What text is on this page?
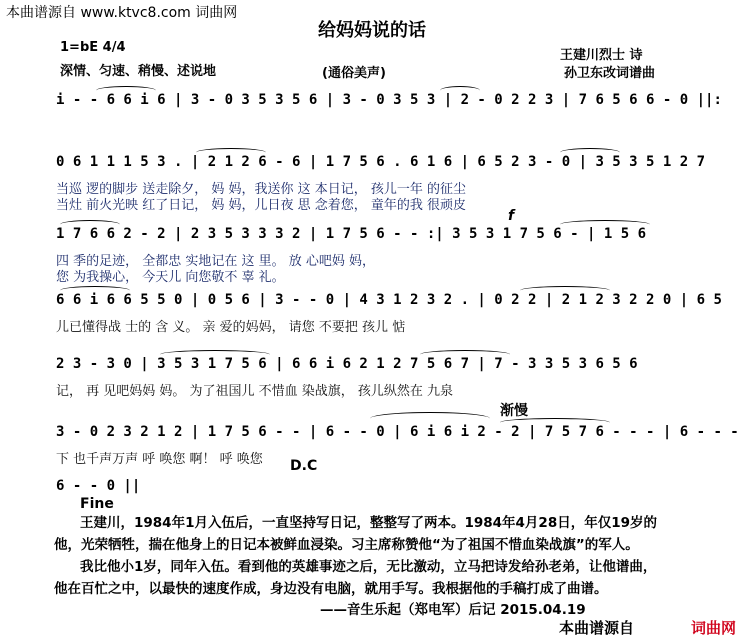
本曲谱源自 www.ktvc8.com 词曲网
给妈妈说的话
1=bE 4/4
深情、匀速、稍慢、述说地	(通俗美声)
王建川烈士 诗
孙卫东改词谱曲
i - - 6 6 i 6 | 3 - 0 3 5 3 5 6 | 3 - 0 3 5 3 | 2 - 0 2 2 3 | 7 6 5 6 6 - 0 ||:
0 6 1 1 1 5 3 . | 2 1 2 6 - 6 | 1 7 5 6 . 6 1 6 | 6 5 2 3 - 0 | 3 5 3 5 1 2 7
当巡 逻的脚步 送走除夕， 妈 妈，我送你 这 本日记， 孩儿一年 的征尘
当灶 前火光映 红了日记， 妈 妈，儿日夜 思 念着您， 童年的我 很顽皮
1 7 6 6 2 - 2 | 2 3 5 3 3 3 2 | 1 7 5 6 - - :| 3 5 3 1 7 5 6 - | 1 5 6
f
四 季的足迹， 全都忠 实地记在 这 里。 放 心吧妈 妈，
您 为我操心， 今天儿 向您敬不 辜 礼。
6 6 i 6 6 5 5 0 | 0 5 6 | 3 - - 0 | 4 3 1 2 3 2 . | 0 2 2 | 2 1 2 3 2 2 0 | 6 5
儿已懂得战 士的 含 义。 亲 爱的妈妈， 请您 不要把 孩儿 惦
2 3 - 3 0 | 3 5 3 1 7 5 6 | 6 6 i 6 2 1 2 7 5 6 7 | 7 - 3 3 5 3 6 5 6
记， 再 见吧妈妈 妈。 为了祖国儿 不惜血 染战旗， 孩儿纵然在 九泉
渐慢
3 - 0 2 3 2 1 2 | 1 7 5 6 - - | 6 - - 0 | 6 i 6 i 2 - 2 | 7 5 7 6 - - - | 6 - - -
下 也千声万声 呼 唤您 啊！ 呼 唤您 D.C
6 - - 0 ||
Fine
王建川，1984年1月入伍后，一直坚持写日记，整整写了两本。1984年4月28日，年仅19岁的
他，光荣牺牲，揣在他身上的日记本被鲜血浸染。习主席称赞他“为了祖国不惜血染战旗”的军人。
我比他小1岁，同年入伍。看到他的英雄事迹之后，无比激动，立马把诗发给孙老弟，让他谱曲，
他在百忙之中，以最快的速度作成，身边没有电脑，就用手写。我根据他的手稿打成了曲谱。
——音生乐起（郑电军）后记 2015.04.19
本曲谱源自	词曲网
